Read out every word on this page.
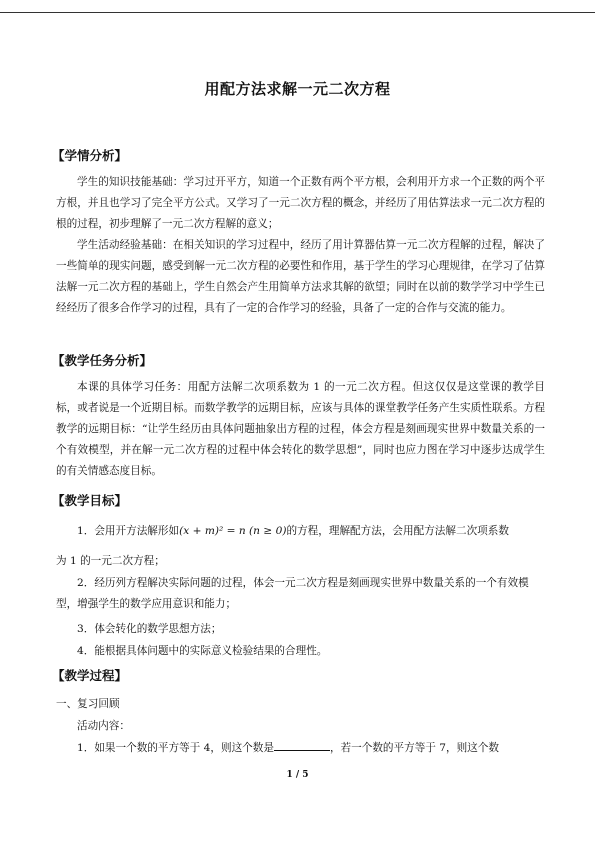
用配方法求解一元二次方程
【学情分析】

学生的知识技能基础：学习过开平方，知道一个正数有两个平方根，会利用开方求一个正数的两个平方根，并且也学习了完全平方公式。又学习了一元二次方程的概念，并经历了用估算法求一元二次方程的根的过程，初步理解了一元二次方程解的意义；

学生活动经验基础：在相关知识的学习过程中，经历了用计算器估算一元二次方程解的过程，解决了一些简单的现实问题，感受到解一元二次方程的必要性和作用，基于学生的学习心理规律，在学习了估算法解一元二次方程的基础上，学生自然会产生用简单方法求其解的欲望；同时在以前的数学学习中学生已经经历了很多合作学习的过程，具有了一定的合作学习的经验，具备了一定的合作与交流的能力。

【教学任务分析】

本课的具体学习任务：用配方法解二次项系数为 1 的一元二次方程。但这仅仅是这堂课的教学目标，或者说是一个近期目标。而数学教学的远期目标，应该与具体的课堂教学任务产生实质性联系。方程教学的远期目标：“让学生经历由具体问题抽象出方程的过程，体会方程是刻画现实世界中数量关系的一个有效模型，并在解一元二次方程的过程中体会转化的数学思想”，同时也应力图在学习中逐步达成学生的有关情感态度目标。

【教学目标】

1．会用开方法解形如(x + m)² = n (n ≥ 0)的方程，理解配方法，会用配方法解二次项系数

为 1 的一元二次方程；

2．经历列方程解决实际问题的过程，体会一元二次方程是刻画现实世界中数量关系的一个有效模型，增强学生的数学应用意识和能力；

3．体会转化的数学思想方法；

4．能根据具体问题中的实际意义检验结果的合理性。

【教学过程】

一、复习回顾

活动内容：

1．如果一个数的平方等于 4，则这个数是	，若一个数的平方等于 7，则这个数

1 / 5
